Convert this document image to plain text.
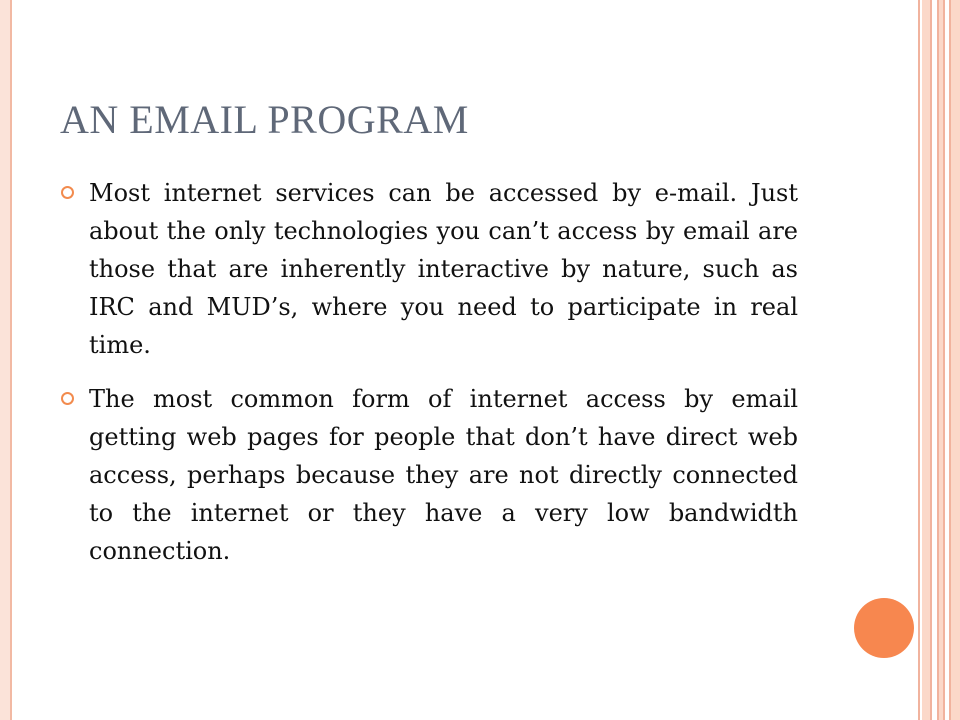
AN EMAIL PROGRAM

Most internet services can be accessed by e-mail. Just about the only technologies you can’t access by email are those that are inherently interactive by nature, such as IRC and MUD’s, where you need to participate in real time.

The most common form of internet access by email getting web pages for people that don’t have direct web access, perhaps because they are not directly connected to the internet or they have a very low bandwidth connection.
